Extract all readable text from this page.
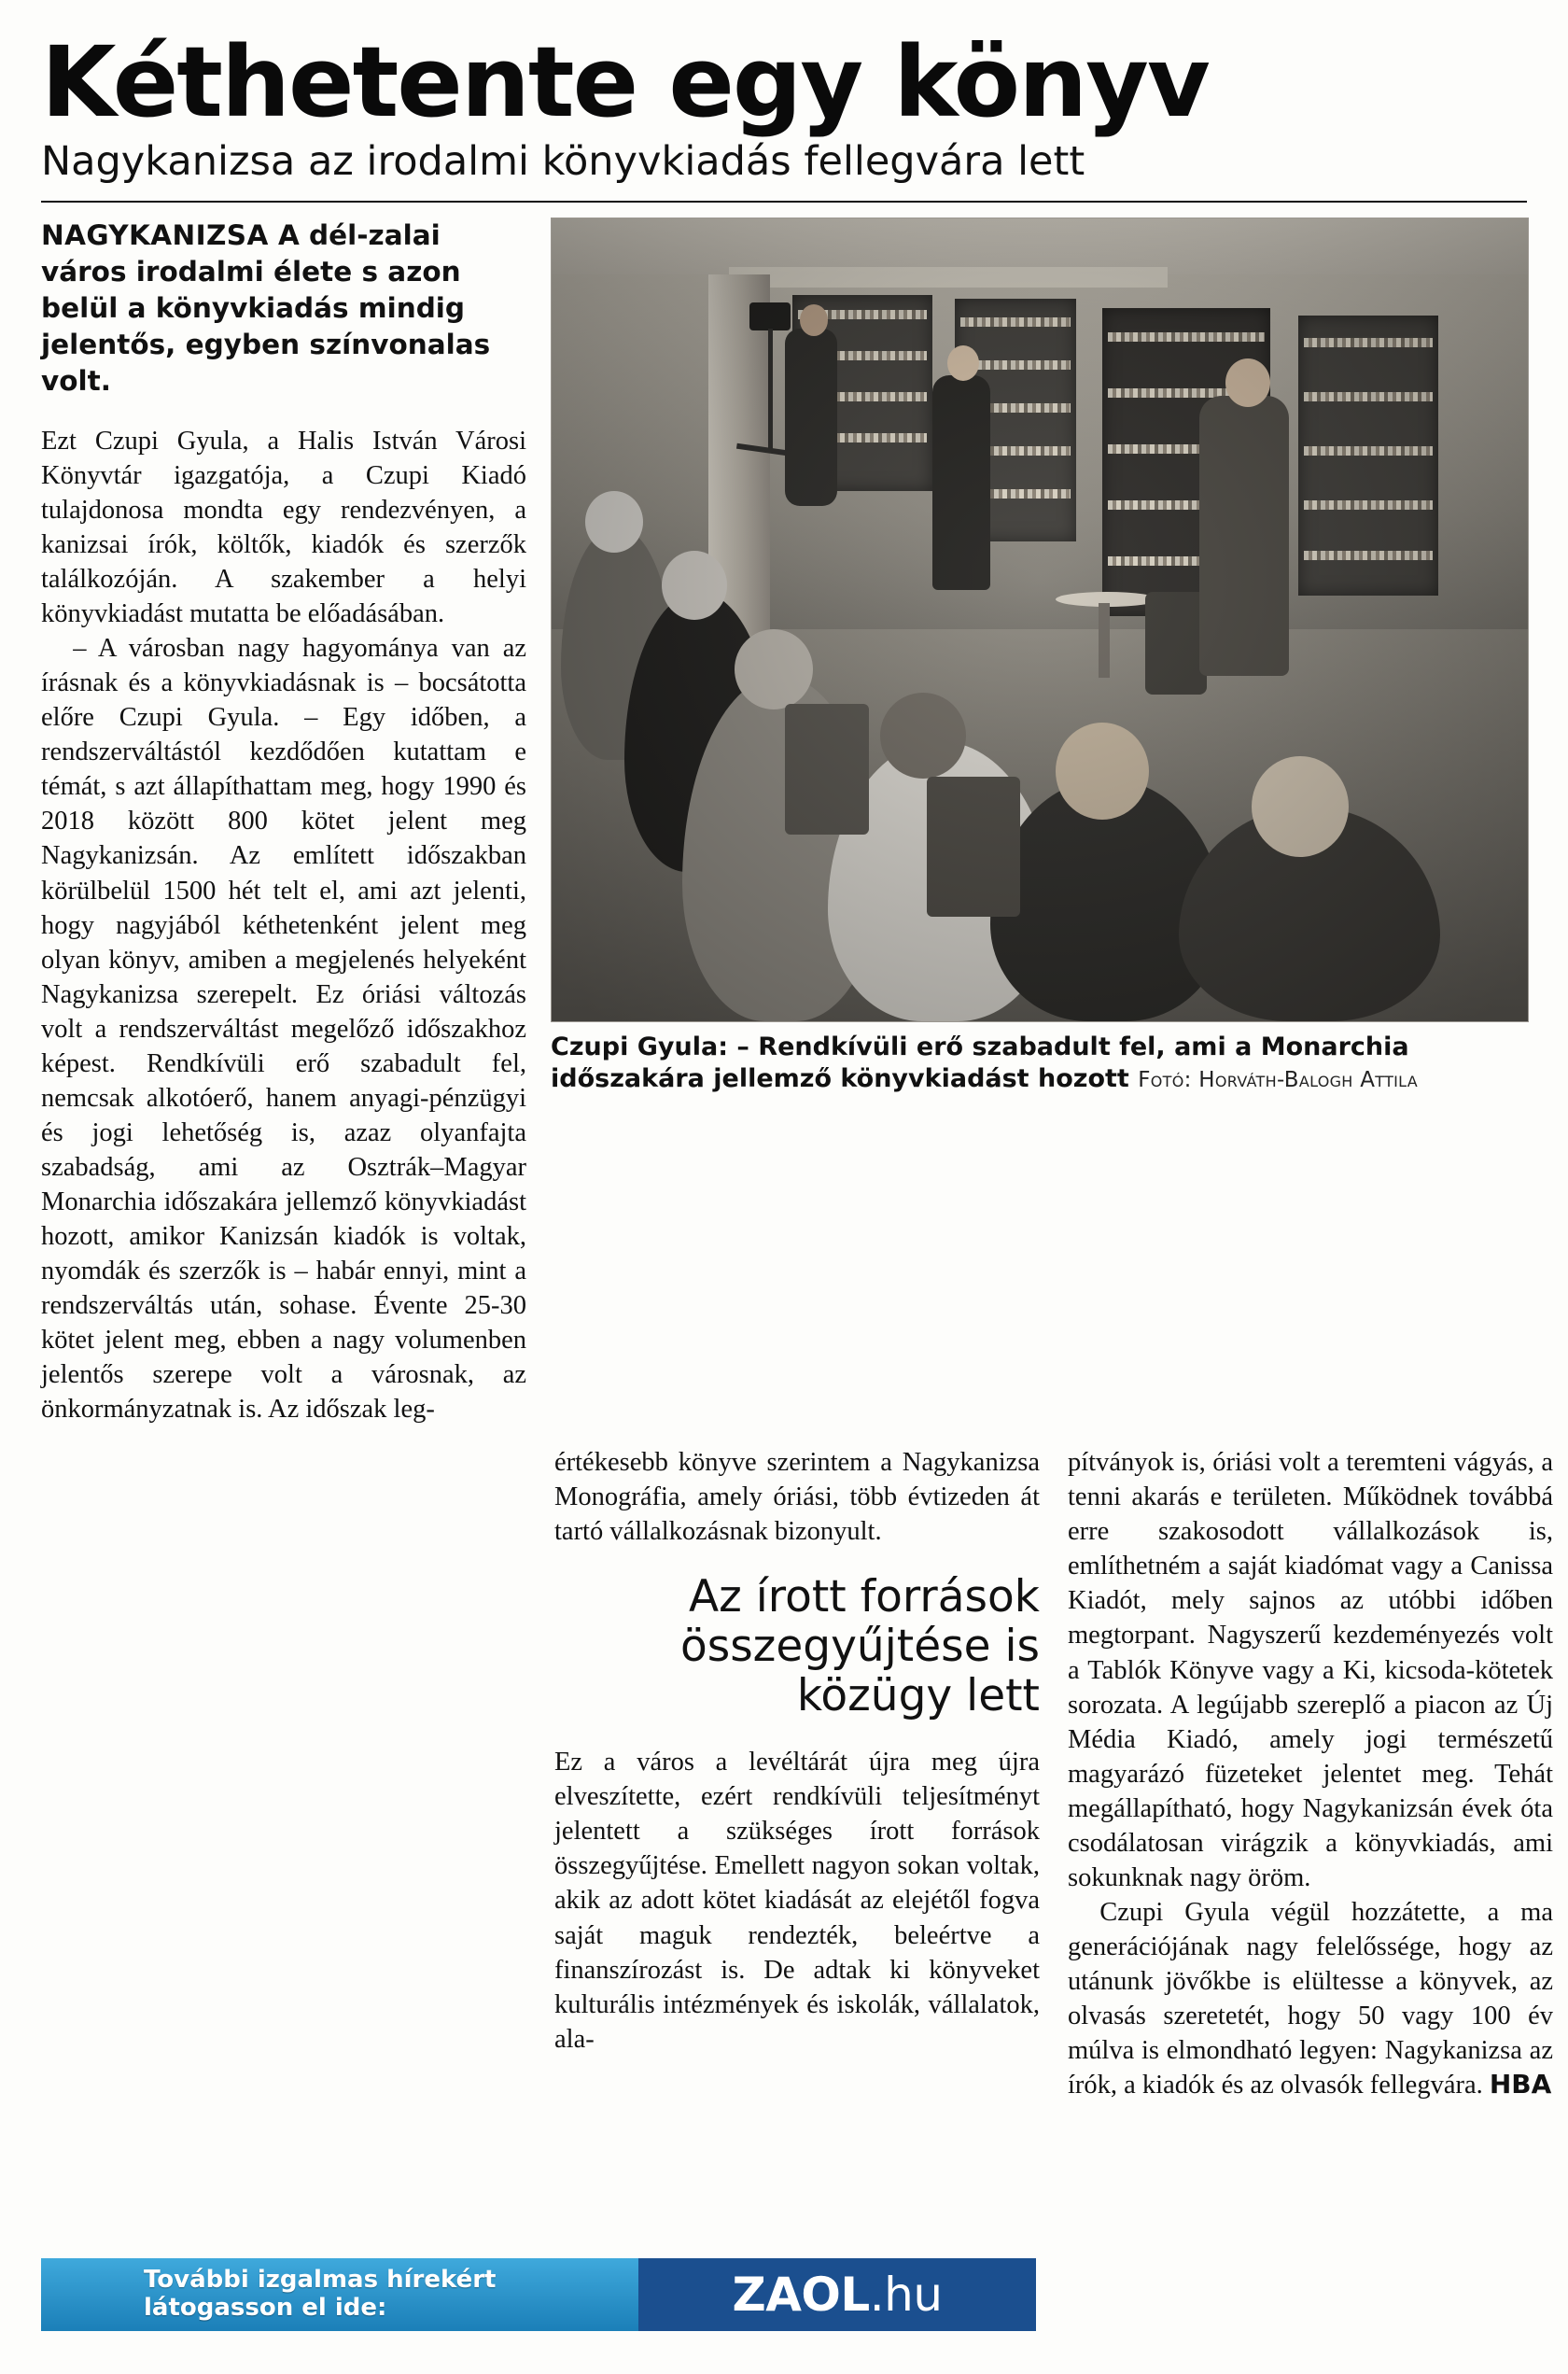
Kéthetente egy könyv
Nagykanizsa az irodalmi könyvkiadás fellegvára lett

NAGYKANIZSA A dél-zalai város irodalmi élete s azon belül a könyvkiadás mindig jelentős, egyben színvonalas volt.

Ezt Czupi Gyula, a Halis István Városi Könyvtár igazgatója, a Czupi Kiadó tulajdonosa mondta egy rendezvényen, a kanizsai írók, költők, kiadók és szerzők találkozóján. A szakember a helyi könyvkiadást mutatta be előadásában.

– A városban nagy hagyománya van az írásnak és a könyvkiadásnak is – bocsátotta előre Czupi Gyula. – Egy időben, a rendszerváltástól kezdődően kutattam e témát, s azt állapíthattam meg, hogy 1990 és 2018 között 800 kötet jelent meg Nagykanizsán. Az említett időszakban körülbelül 1500 hét telt el, ami azt jelenti, hogy nagyjából kéthetenként jelent meg olyan könyv, amiben a megjelenés helyeként Nagykanizsa szerepelt. Ez óriási változás volt a rendszerváltást megelőző időszakhoz képest. Rendkívüli erő szabadult fel, nemcsak alkotóerő, hanem anyagi-pénzügyi és jogi lehetőség is, azaz olyanfajta szabadság, ami az Osztrák–Magyar Monarchia időszakára jellemző könyvkiadást hozott, amikor Kanizsán kiadók is voltak, nyomdák és szerzők is – habár ennyi, mint a rendszerváltás után, sohase. Évente 25-30 kötet jelent meg, ebben a nagy volumenben jelentős szerepe volt a városnak, az önkormányzatnak is. Az időszak leg-

Czupi Gyula: – Rendkívüli erő szabadult fel, ami a Monarchia időszakára jellemző könyvkiadást hozott Fotó: Horváth-Balogh Attila

értékesebb könyve szerintem a Nagykanizsa Monográfia, amely óriási, több évtizeden át tartó vállalkozásnak bizonyult.

Az írott források összegyűjtése is közügy lett

Ez a város a levéltárát újra meg újra elveszítette, ezért rendkívüli teljesítményt jelentett a szükséges írott források összegyűjtése. Emellett nagyon sokan voltak, akik az adott kötet kiadását az elejétől fogva saját maguk rendezték, beleértve a finanszírozást is. De adtak ki könyveket kulturális intézmények és iskolák, vállalatok, ala-

pítványok is, óriási volt a teremteni vágyás, a tenni akarás e területen. Működnek továbbá erre szakosodott vállalkozások is, említhetném a saját kiadómat vagy a Canissa Kiadót, mely sajnos az utóbbi időben megtorpant. Nagyszerű kezdeményezés volt a Tablók Könyve vagy a Ki, kicsoda-kötetek sorozata. A legújabb szereplő a piacon az Új Média Kiadó, amely jogi természetű magyarázó füzeteket jelentet meg. Tehát megállapítható, hogy Nagykanizsán évek óta csodálatosan virágzik a könyvkiadás, ami sokunknak nagy öröm.

Czupi Gyula végül hozzátette, a ma generációjának nagy felelőssége, hogy az utánunk jövőkbe is elültesse a könyvek, az olvasás szeretetét, hogy 50 vagy 100 év múlva is elmondható legyen: Nagykanizsa az írók, a kiadók és az olvasók fellegvára. HBA

További izgalmas hírekért
látogasson el ide:	ZAOL.hu
